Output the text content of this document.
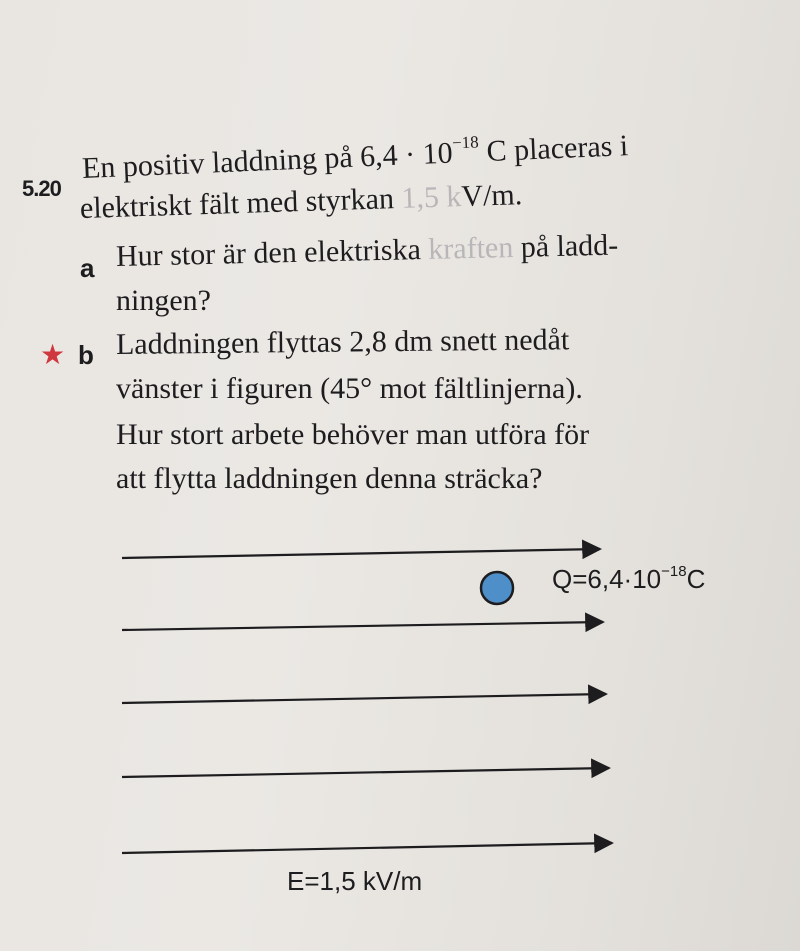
5.20
En positiv laddning på $6,4 \cdot 10^{-18}$ C placeras i
elektriskt fält med styrkan 1,5 kV/m.
a Hur stor är den elektriska kraften på ladd-
ningen?
★ b Laddningen flyttas 2,8 dm snett nedåt
vänster i figuren (45° mot fältlinjerna).
Hur stort arbete behöver man utföra för
att flytta laddningen denna sträcka?
$Q=6,4\cdot 10^{-18}C$
E=1,5 kV/m
